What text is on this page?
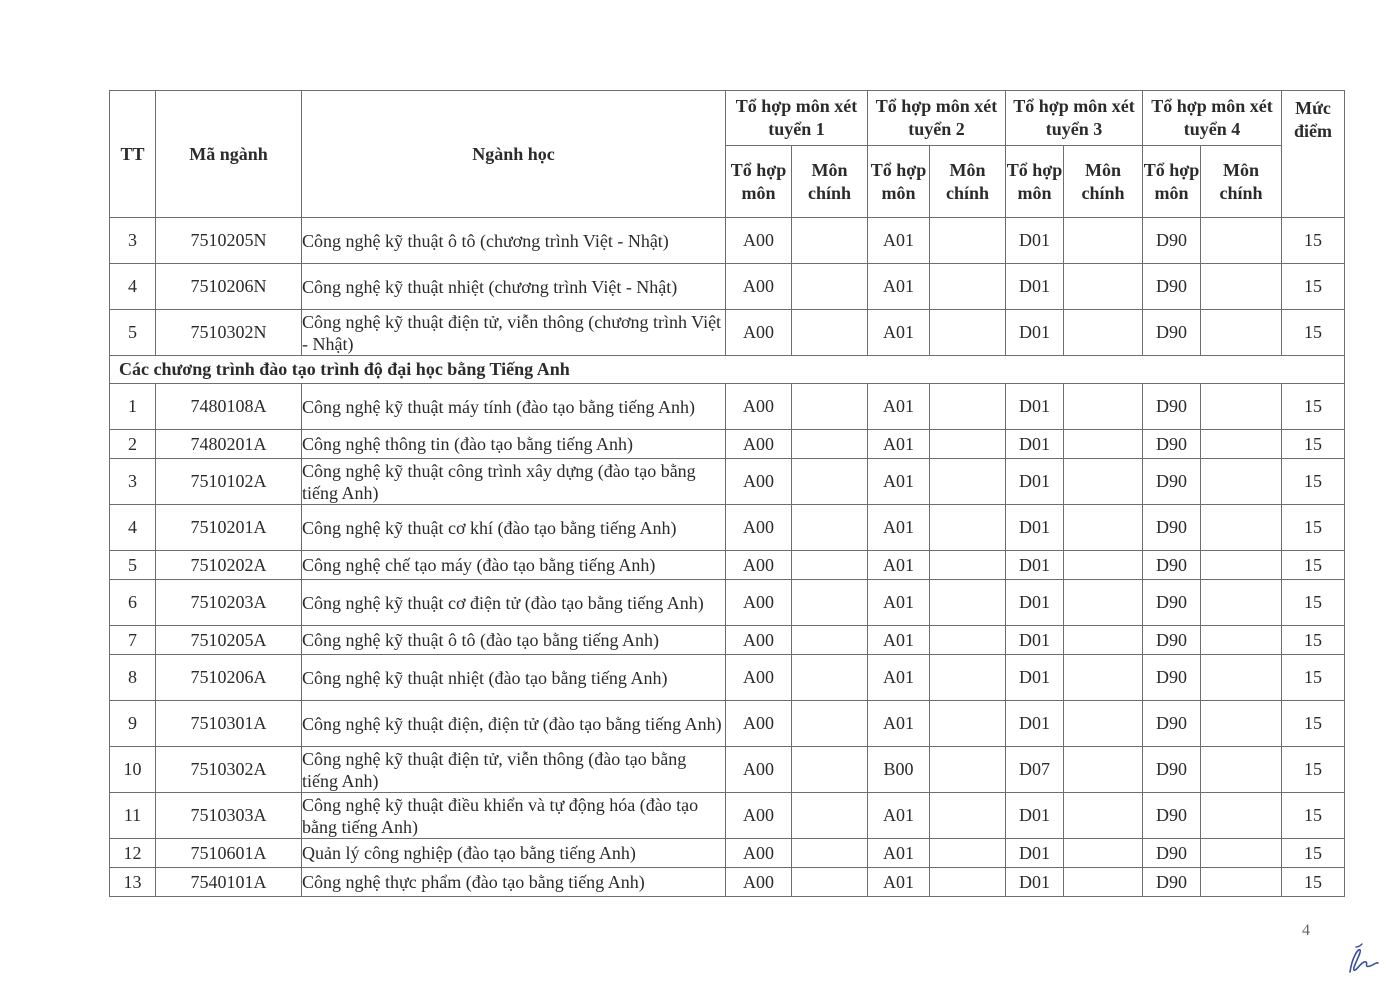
TT	Mã ngành	Ngành học	Tổ hợp môn xét tuyển 1		Tổ hợp môn xét tuyển 2		Tổ hợp môn xét tuyển 3		Tổ hợp môn xét tuyển 4		Mức điểm
			Tổ hợp môn	Môn chính	Tổ hợp môn	Môn chính	Tổ hợp môn	Môn chính	Tổ hợp môn	Môn chính	
3	7510205N	Công nghệ kỹ thuật ô tô (chương trình Việt - Nhật)	A00		A01		D01		D90		15
4	7510206N	Công nghệ kỹ thuật nhiệt (chương trình Việt - Nhật)	A00		A01		D01		D90		15
5	7510302N	Công nghệ kỹ thuật điện tử, viễn thông (chương trình Việt - Nhật)	A00		A01		D01		D90		15
Các chương trình đào tạo trình độ đại học bằng Tiếng Anh											
1	7480108A	Công nghệ kỹ thuật máy tính (đào tạo bằng tiếng Anh)	A00		A01		D01		D90		15
2	7480201A	Công nghệ thông tin (đào tạo bằng tiếng Anh)	A00		A01		D01		D90		15
3	7510102A	Công nghệ kỹ thuật công trình xây dựng (đào tạo bằng tiếng Anh)	A00		A01		D01		D90		15
4	7510201A	Công nghệ kỹ thuật cơ khí (đào tạo bằng tiếng Anh)	A00		A01		D01		D90		15
5	7510202A	Công nghệ chế tạo máy (đào tạo bằng tiếng Anh)	A00		A01		D01		D90		15
6	7510203A	Công nghệ kỹ thuật cơ điện tử (đào tạo bằng tiếng Anh)	A00		A01		D01		D90		15
7	7510205A	Công nghệ kỹ thuật ô tô (đào tạo bằng tiếng Anh)	A00		A01		D01		D90		15
8	7510206A	Công nghệ kỹ thuật nhiệt (đào tạo bằng tiếng Anh)	A00		A01		D01		D90		15
9	7510301A	Công nghệ kỹ thuật điện, điện tử (đào tạo bằng tiếng Anh)	A00		A01		D01		D90		15
10	7510302A	Công nghệ kỹ thuật điện tử, viễn thông (đào tạo bằng tiếng Anh)	A00		B00		D07		D90		15
11	7510303A	Công nghệ kỹ thuật điều khiển và tự động hóa (đào tạo bằng tiếng Anh)	A00		A01		D01		D90		15
12	7510601A	Quản lý công nghiệp (đào tạo bằng tiếng Anh)	A00		A01		D01		D90		15
13	7540101A	Công nghệ thực phẩm (đào tạo bằng tiếng Anh)	A00		A01		D01		D90		15
4
